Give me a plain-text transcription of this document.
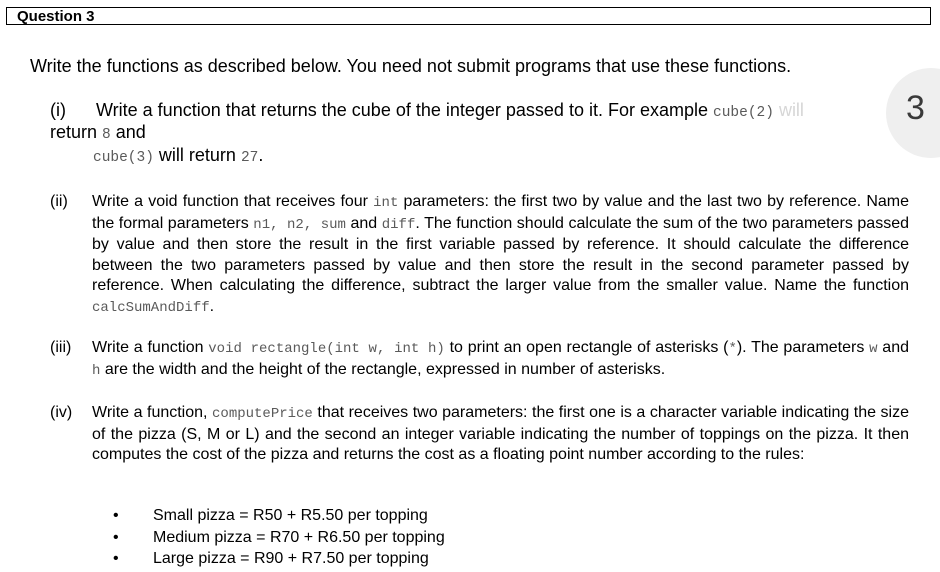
Question 3
Write the functions as described below. You need not submit programs that use these functions.
3
(i) Write a function that returns the cube of the integer passed to it. For example cube(2) will
return 8 and
cube(3) will return 27.
(ii) Write a void function that receives four int parameters: the first two by value and the last two by reference. Name the formal parameters n1, n2, sum and diff. The function should calculate the sum of the two parameters passed by value and then store the result in the first variable passed by reference. It should calculate the difference between the two parameters passed by value and then store the result in the second parameter passed by reference. When calculating the difference, subtract the larger value from the smaller value. Name the function calcSumAndDiff.
(iii) Write a function void rectangle(int w, int h) to print an open rectangle of asterisks (*). The parameters w and h are the width and the height of the rectangle, expressed in number of asterisks.
(iv) Write a function, computePrice that receives two parameters: the first one is a character variable indicating the size of the pizza (S, M or L) and the second an integer variable indicating the number of toppings on the pizza. It then computes the cost of the pizza and returns the cost as a floating point number according to the rules:
• Small pizza = R50 + R5.50 per topping
• Medium pizza = R70 + R6.50 per topping
• Large pizza = R90 + R7.50 per topping
